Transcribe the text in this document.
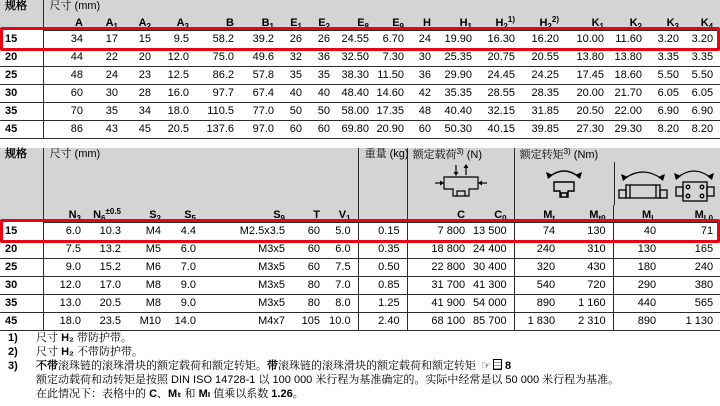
规格	尺寸 (mm)																	
	A	$A_1$	$A_2$	$A_3$	B	$B_1$	$E_1$	$E_2$	$E_8$	$E_9$	H	$H_1$	$H_2^{1)}$	$H_2^{2)}$	$K_1$	$K_2$	$K_3$	$K_4$
15	34	17	15	9.5	58.2	39.2	26	26	24.55	6.70	24	19.90	16.30	16.20	10.00	11.60	3.20	3.20
20	44	22	20	12.0	75.0	49.6	32	36	32.50	7.30	30	25.35	20.75	20.55	13.80	13.80	3.35	3.35
25	48	24	23	12.5	86.2	57.8	35	35	38.30	11.50	36	29.90	24.45	24.25	17.45	18.60	5.50	5.50
30	60	30	28	16.0	97.7	67.4	40	40	48.40	14.60	42	35.35	28.55	28.35	20.00	21.70	6.05	6.05
35	70	35	34	18.0	110.5	77.0	50	50	58.00	17.35	48	40.40	32.15	31.85	20.50	22.00	6.90	6.90
45	86	43	45	20.5	137.6	97.0	60	60	69.80	20.90	60	50.30	40.15	39.85	27.30	29.30	8.20	8.20
规格	尺寸 (mm)							重量 (kg)	额定载荷$^{3)}$ (N)		额定转矩$^{3)}$ (Nm)			

	$N_3$	$N_6^{\pm 0.5}$	$S_2$	$S_5$	$S_9$	T	$V_1$		C	$C_0$	$M_t$	$M_{t0}$	$M_L$	$M_{L0}$
15	6.0	10.3	M4	4.4	M2.5x3.5	60	5.0	0.15	7 800	13 500	74	130	40	71
20	7.5	13.2	M5	6.0	M3x5	60	6.0	0.35	18 800	24 400	240	310	130	165
25	9.0	15.2	M6	7.0	M3x5	60	7.5	0.50	22 800	30 400	320	430	180	240
30	12.0	17.0	M8	9.0	M3x5	80	7.0	0.85	31 700	41 300	540	720	290	380
35	13.0	20.5	M8	9.0	M3x5	80	8.0	1.25	41 900	54 000	890	1 160	440	565
45	18.0	23.5	M10	14.0	M4x7	105	10.0	2.40	68 100	85 700	1 830	2 310	890	1 130
1)	尺寸 H₂ 带防护带。
2)	尺寸 H₂ 不带防护带。
3)	不带滚珠链的滚珠滑块的额定载荷和额定转矩。带滚珠链的滚珠滑块的额定载荷和额定转矩 ☞ 8
额定动载荷和动转矩是按照 DIN ISO 14728-1 以 100 000 米行程为基准确定的。实际中经常是以 50 000 米行程为基准。
在此情况下：表格中的 C、Mₜ 和 Mₗ 值乘以系数 1.26。
